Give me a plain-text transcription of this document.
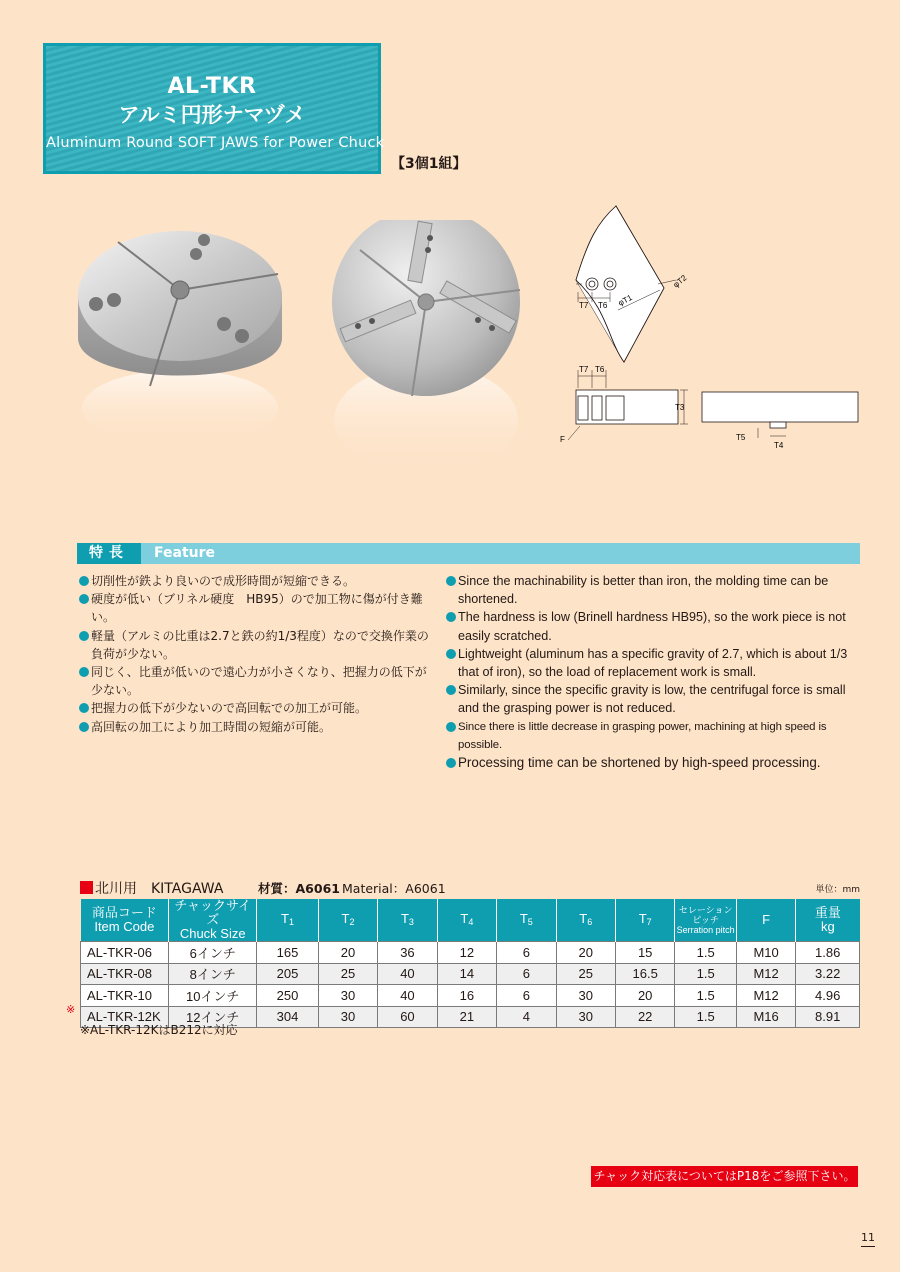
AL-TKR
アルミ円形ナマヅメ
Aluminum Round SOFT JAWS for Power Chuck
【3個1組】
T7 T6 φT1
φT2
T7 T6
T3
F	T5
T4
特長	Feature
切削性が鉄より良いので成形時間が短縮できる。
硬度が低い（ブリネル硬度　HB95）ので加工物に傷が付き難い。
軽量（アルミの比重は2.7と鉄の約1/3程度）なので交換作業の負荷が少ない。
同じく、比重が低いので遠心力が小さくなり、把握力の低下が少ない。
把握力の低下が少ないので高回転での加工が可能。
高回転の加工により加工時間の短縮が可能。
Since the machinability is better than iron, the molding time can be shortened.
The hardness is low (Brinell hardness HB95), so the work piece is not easily scratched.
Lightweight (aluminum has a specific gravity of 2.7, which is about 1/3 that of iron), so the load of replacement work is small.
Similarly, since the specific gravity is low, the centrifugal force is small and the grasping power is not reduced.
Since there is little decrease in grasping power, machining at high speed is possible.
Processing time can be shortened by high-speed processing.
北川用　KITAGAWA	材質：A6061 Material：A6061	単位：mm
商品コード
Item Code	チャックサイズ
Chuck Size	$T_1$	$T_2$	$T_3$	$T_4$	$T_5$	$T_6$	$T_7$	セレーションピッチ
Serration pitch	F	重量
kg
AL-TKR-06	6インチ	165	20	36	12	6	20	15	1.5	M10	1.86
AL-TKR-08	8インチ	205	25	40	14	6	25	16.5	1.5	M12	3.22
AL-TKR-10	10インチ	250	30	40	16	6	30	20	1.5	M12	4.96
AL-TKR-12K	12インチ	304	30	60	21	4	30	22	1.5	M16	8.91
※
※AL-TKR-12KはB212に対応
チャック対応表についてはP18をご参照下さい。
11
